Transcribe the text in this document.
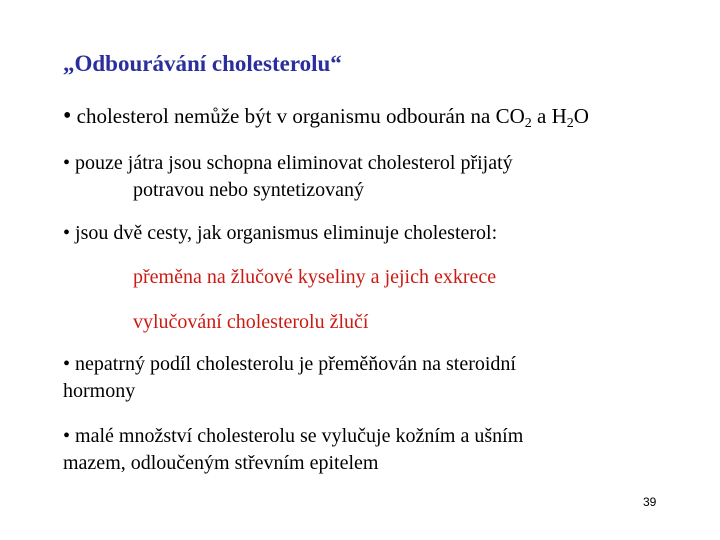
„Odbourávání cholesterolu“
• cholesterol nemůže být v organismu odbourán na $CO_2$ a $H_2O$
• pouze játra jsou schopna eliminovat cholesterol přijatý
potravou nebo syntetizovaný
• jsou dvě cesty, jak organismus eliminuje cholesterol:
přeměna na žlučové kyseliny a jejich exkrece
vylučování cholesterolu žlučí
• nepatrný podíl cholesterolu je přeměňován na steroidní
hormony
• malé množství cholesterolu se vylučuje kožním a ušním
mazem, odloučeným střevním epitelem
39
